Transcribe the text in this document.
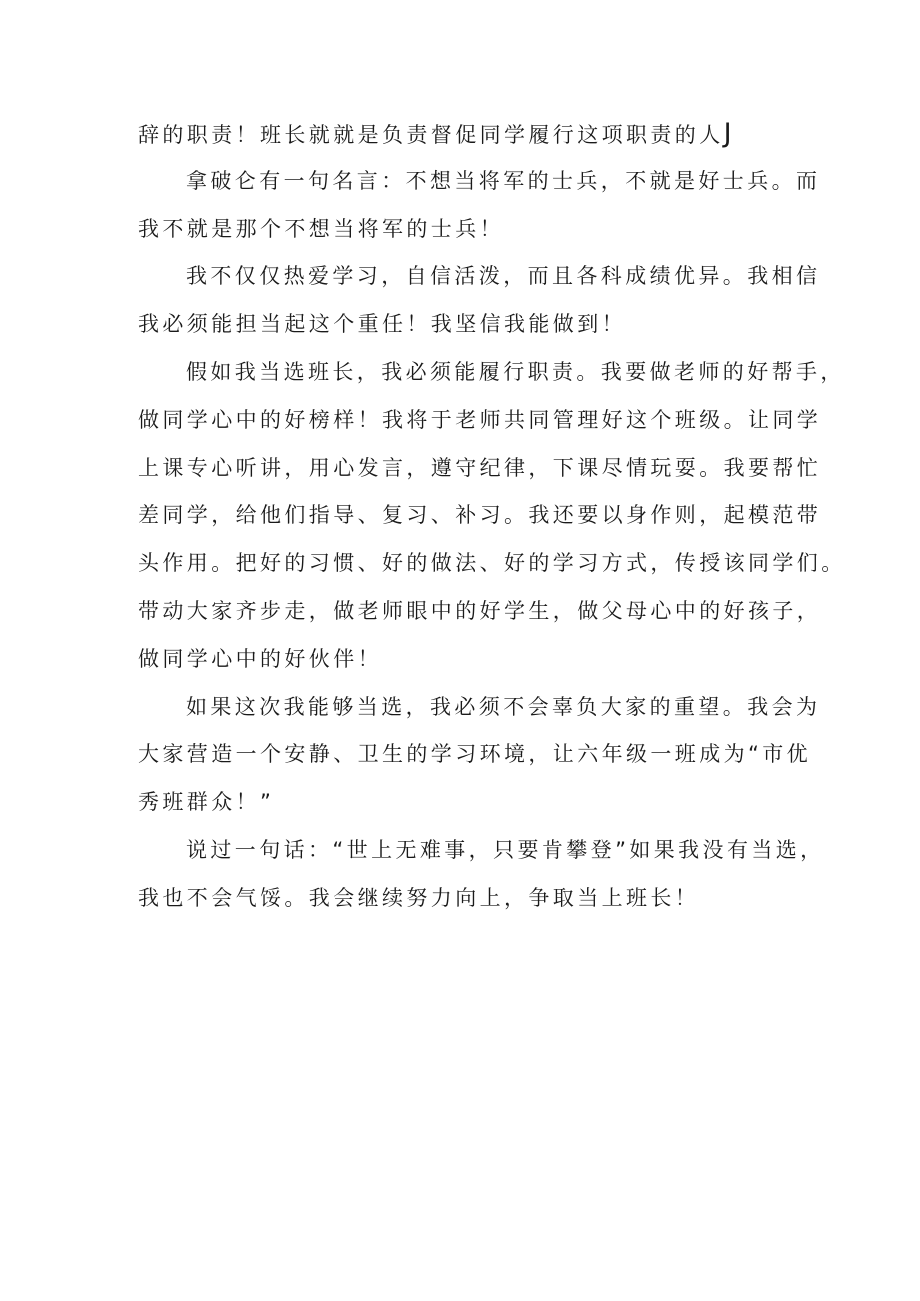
辞的职责！班长就就是负责督促同学履行这项职责的人J
拿破仑有一句名言：不想当将军的士兵，不就是好士兵。而
我不就是那个不想当将军的士兵！
我不仅仅热爱学习，自信活泼，而且各科成绩优异。我相信
我必须能担当起这个重任！我坚信我能做到！
假如我当选班长，我必须能履行职责。我要做老师的好帮手，
做同学心中的好榜样！我将于老师共同管理好这个班级。让同学
上课专心听讲，用心发言，遵守纪律，下课尽情玩耍。我要帮忙
差同学，给他们指导、复习、补习。我还要以身作则，起模范带
头作用。把好的习惯、好的做法、好的学习方式，传授该同学们。
带动大家齐步走，做老师眼中的好学生，做父母心中的好孩子，
做同学心中的好伙伴！
如果这次我能够当选，我必须不会辜负大家的重望。我会为
大家营造一个安静、卫生的学习环境，让六年级一班成为“市优
秀班群众！”
说过一句话：“世上无难事，只要肯攀登”如果我没有当选，
我也不会气馁。我会继续努力向上，争取当上班长！
